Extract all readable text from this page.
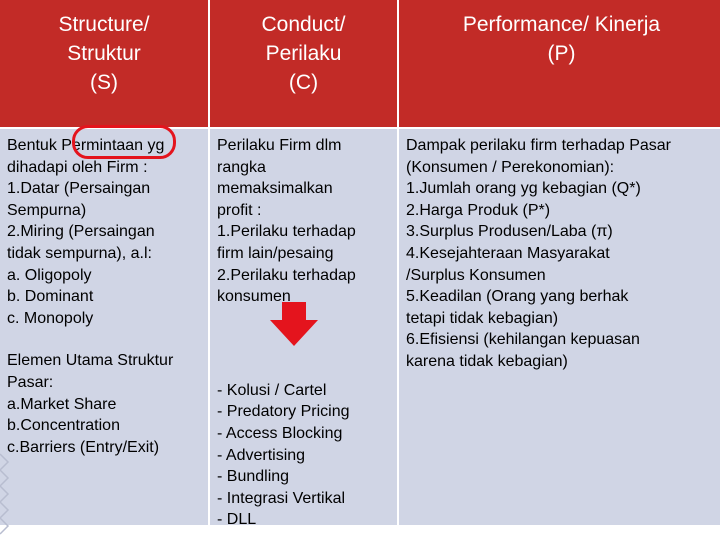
Structure/
Struktur
(S)
Conduct/
Perilaku
(C)
Performance/ Kinerja
(P)
Bentuk Permintaan yg
dihadapi oleh Firm :
1.Datar (Persaingan
Sempurna)
2.Miring (Persaingan
tidak sempurna), a.l:
a. Oligopoly
b. Dominant
c. Monopoly
Elemen Utama Struktur
Pasar:
a.Market Share
b.Concentration
c.Barriers (Entry/Exit)
Perilaku Firm dlm
rangka
memaksimalkan
profit :
1.Perilaku terhadap
firm lain/pesaing
2.Perilaku terhadap
konsumen
- Kolusi / Cartel
- Predatory Pricing
- Access Blocking
- Advertising
- Bundling
- Integrasi Vertikal
- DLL
Dampak perilaku firm terhadap Pasar
(Konsumen / Perekonomian):
1.Jumlah orang yg kebagian (Q*)
2.Harga Produk (P*)
3.Surplus Produsen/Laba (π)
4.Kesejahteraan Masyarakat
/Surplus Konsumen
5.Keadilan (Orang yang berhak
tetapi tidak kebagian)
6.Efisiensi (kehilangan kepuasan
karena tidak kebagian)
